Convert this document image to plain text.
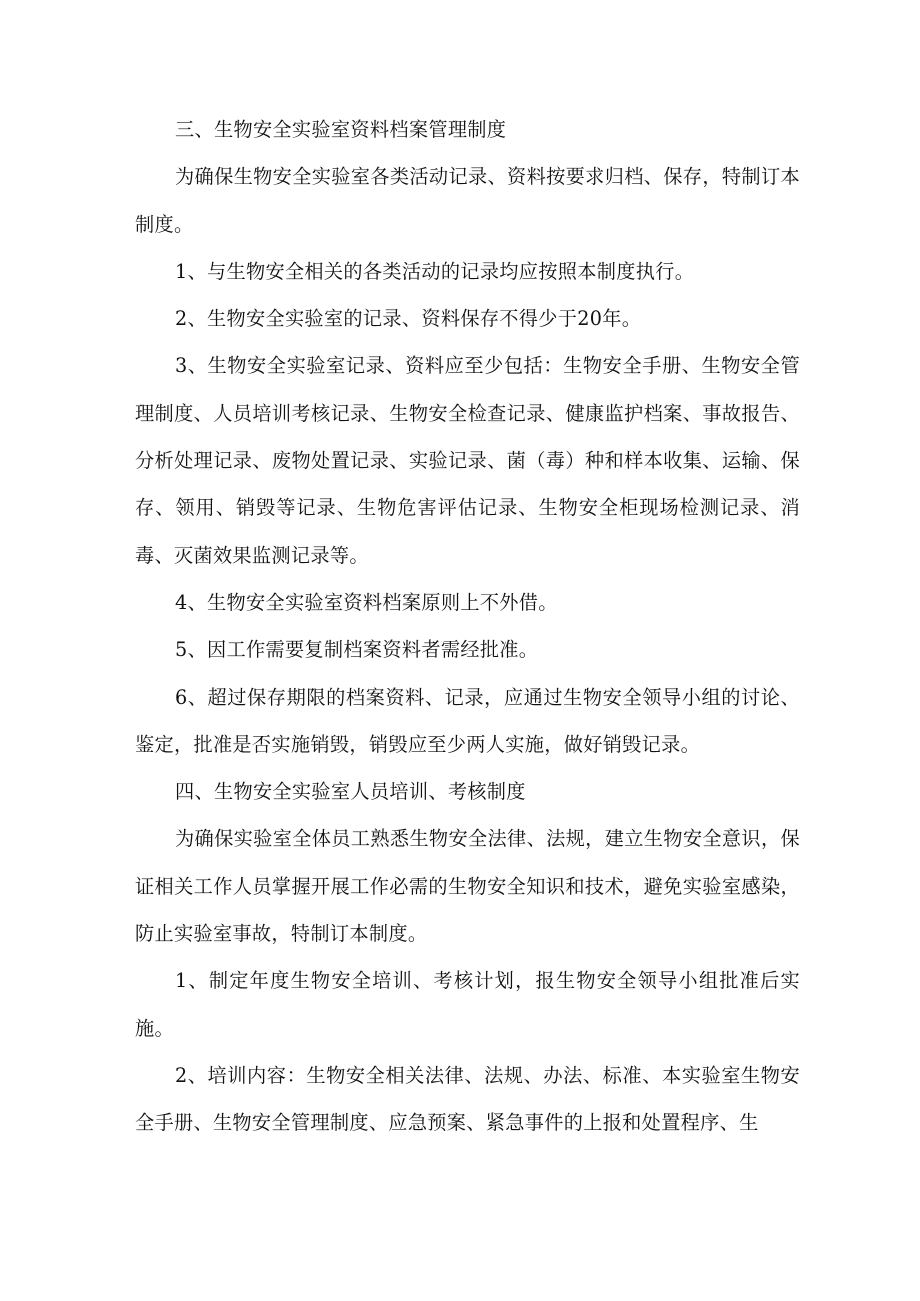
三、生物安全实验室资料档案管理制度

为确保生物安全实验室各类活动记录、资料按要求归档、保存，特制订本制度。

1、与生物安全相关的各类活动的记录均应按照本制度执行。

2、生物安全实验室的记录、资料保存不得少于20年。

3、生物安全实验室记录、资料应至少包括：生物安全手册、生物安全管理制度、人员培训考核记录、生物安全检查记录、健康监护档案、事故报告、分析处理记录、废物处置记录、实验记录、菌（毒）种和样本收集、运输、保存、领用、销毁等记录、生物危害评估记录、生物安全柜现场检测记录、消毒、灭菌效果监测记录等。

4、生物安全实验室资料档案原则上不外借。

5、因工作需要复制档案资料者需经批准。

6、超过保存期限的档案资料、记录，应通过生物安全领导小组的讨论、鉴定，批准是否实施销毁，销毁应至少两人实施，做好销毁记录。

四、生物安全实验室人员培训、考核制度

为确保实验室全体员工熟悉生物安全法律、法规，建立生物安全意识，保证相关工作人员掌握开展工作必需的生物安全知识和技术，避免实验室感染，防止实验室事故，特制订本制度。

1、制定年度生物安全培训、考核计划，报生物安全领导小组批准后实施。

2、培训内容：生物安全相关法律、法规、办法、标准、本实验室生物安全手册、生物安全管理制度、应急预案、紧急事件的上报和处置程序、生
